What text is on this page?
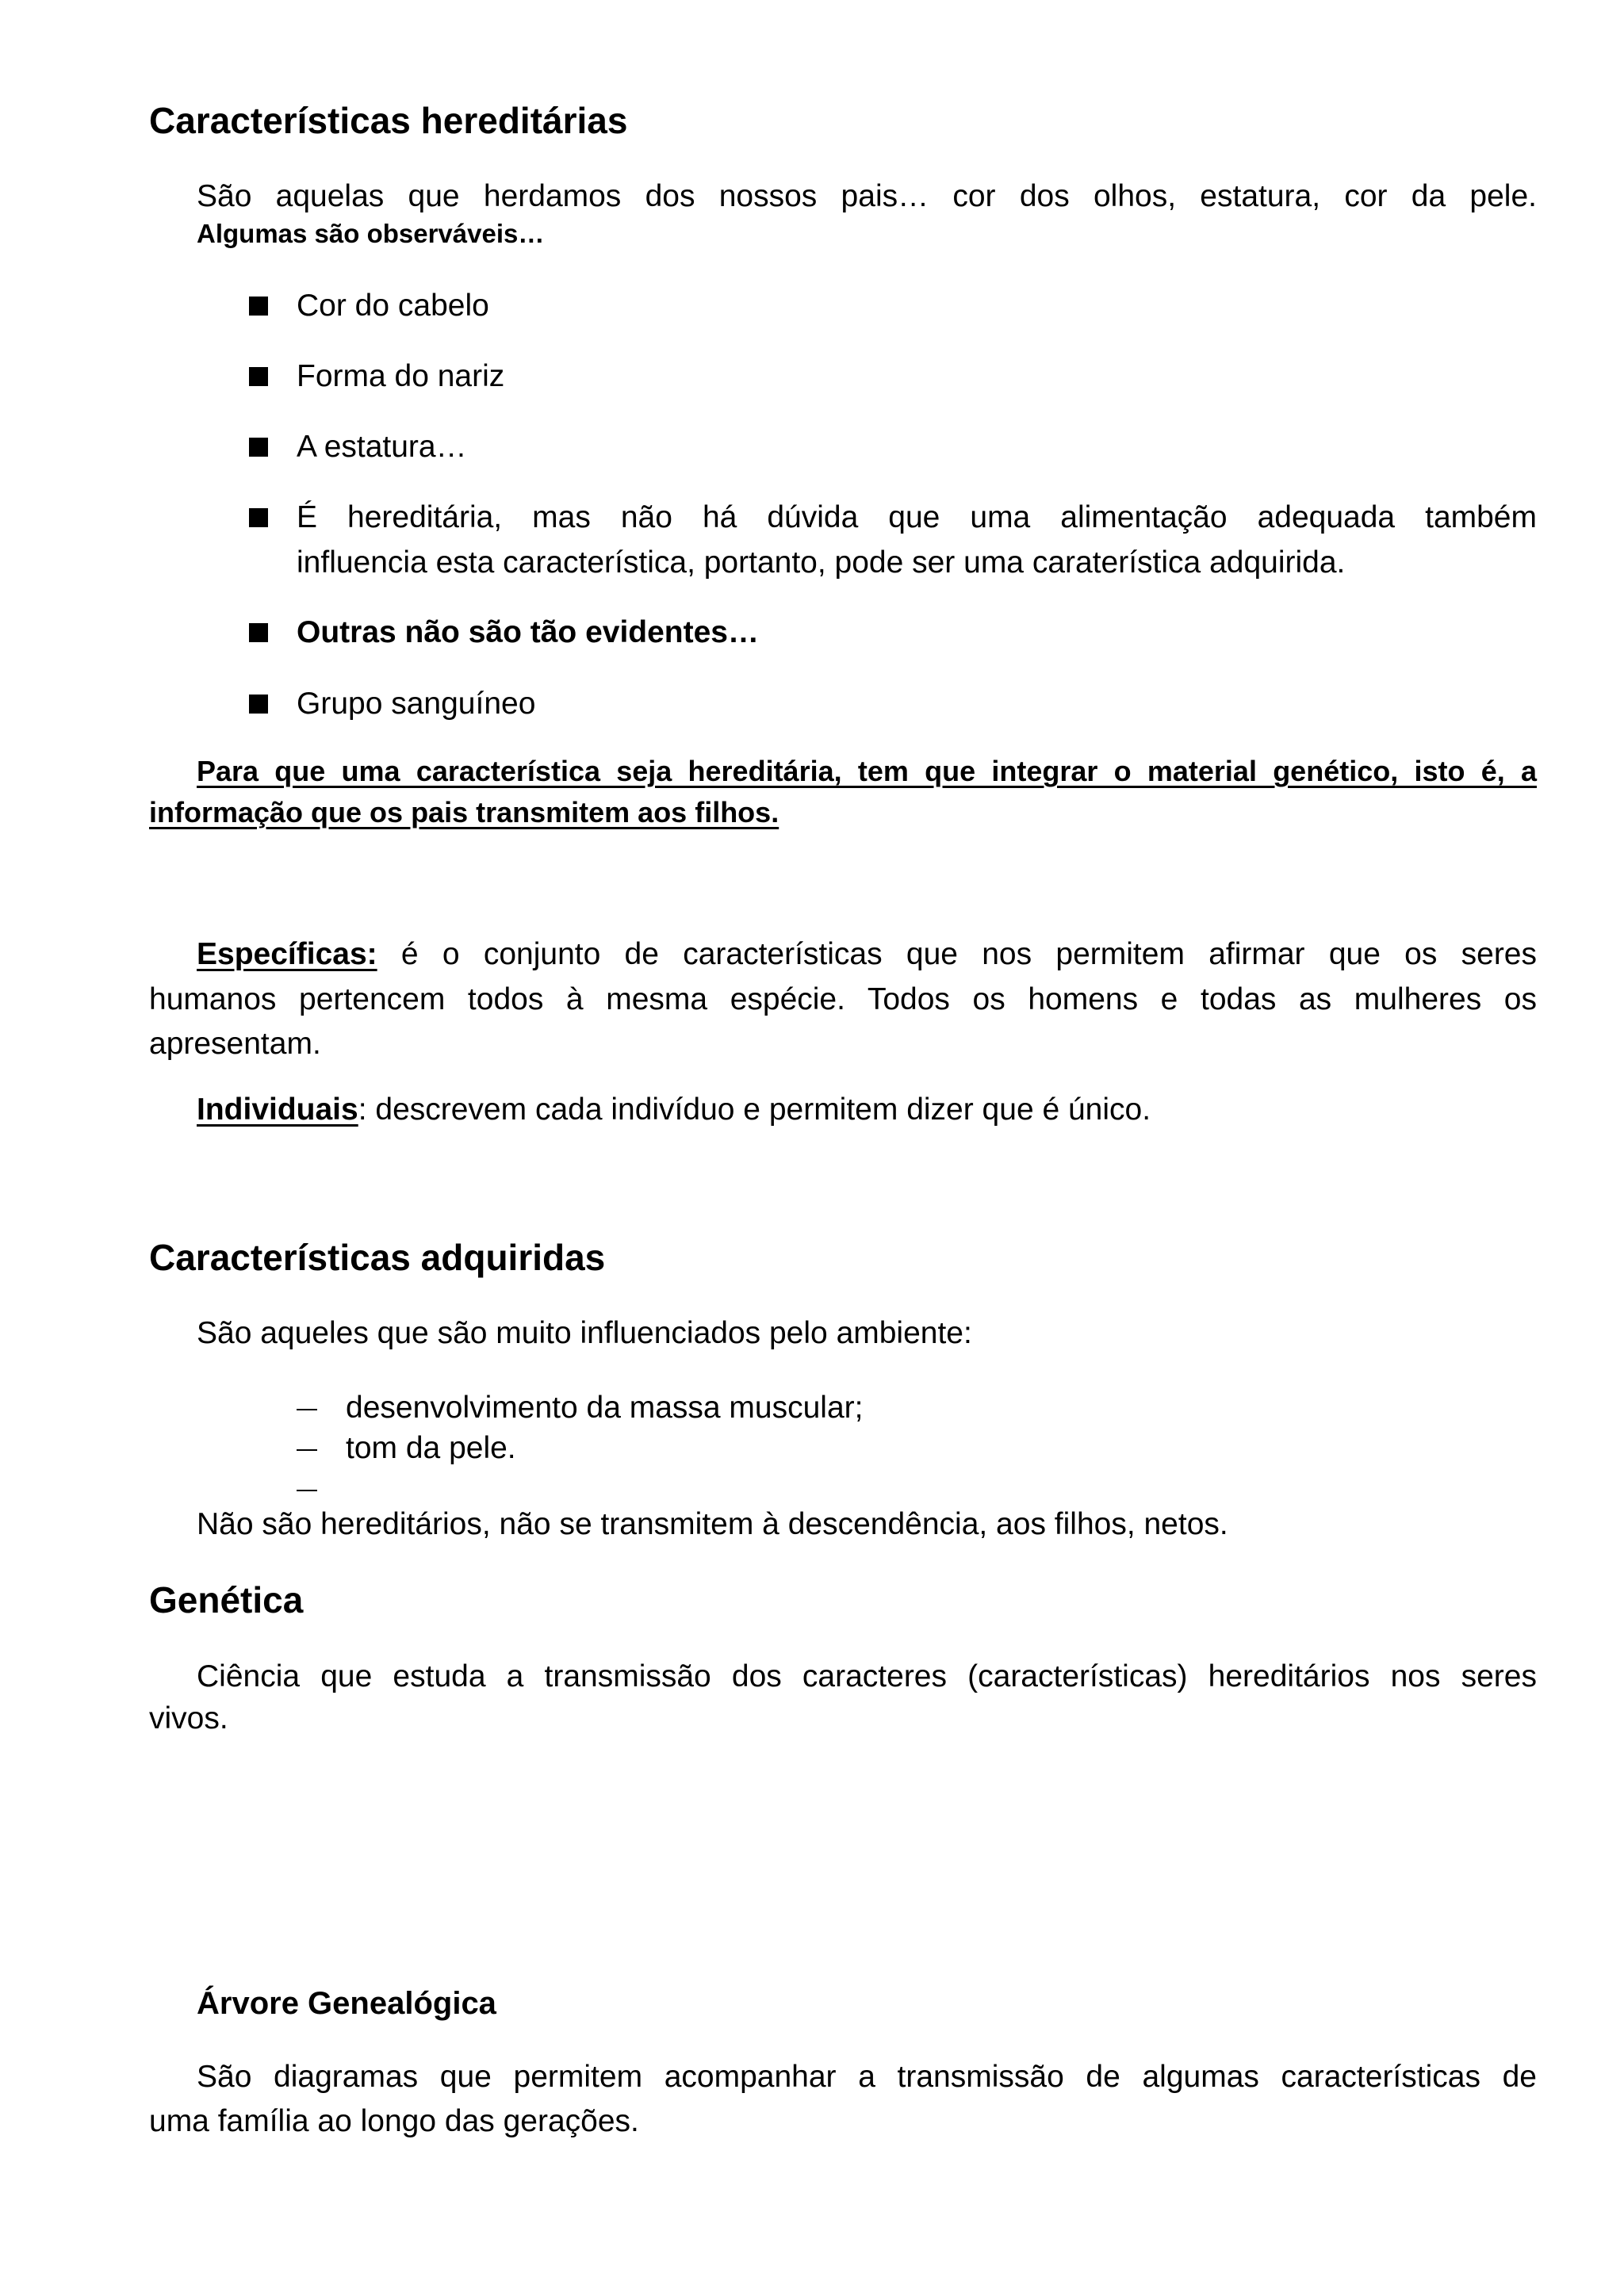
Características hereditárias
São aquelas que herdamos dos nossos pais… cor dos olhos, estatura, cor da pele.
Algumas são observáveis…
Cor do cabelo
Forma do nariz
A estatura…
É hereditária, mas não há dúvida que uma alimentação adequada também
influencia esta característica, portanto, pode ser uma caraterística adquirida.
Outras não são tão evidentes…
Grupo sanguíneo
Para que uma característica seja hereditária, tem que integrar o material genético, isto é, a
informação que os pais transmitem aos filhos.
Específicas: é o conjunto de características que nos permitem afirmar que os seres
humanos pertencem todos à mesma espécie. Todos os homens e todas as mulheres os
apresentam.
Individuais: descrevem cada indivíduo e permitem dizer que é único.
Características adquiridas
São aqueles que são muito influenciados pelo ambiente:
desenvolvimento da massa muscular;
tom da pele.
Não são hereditários, não se transmitem à descendência, aos filhos, netos.
Genética
Ciência que estuda a transmissão dos caracteres (características) hereditários nos seres
vivos.
Árvore Genealógica
São diagramas que permitem acompanhar a transmissão de algumas características de
uma família ao longo das gerações.
